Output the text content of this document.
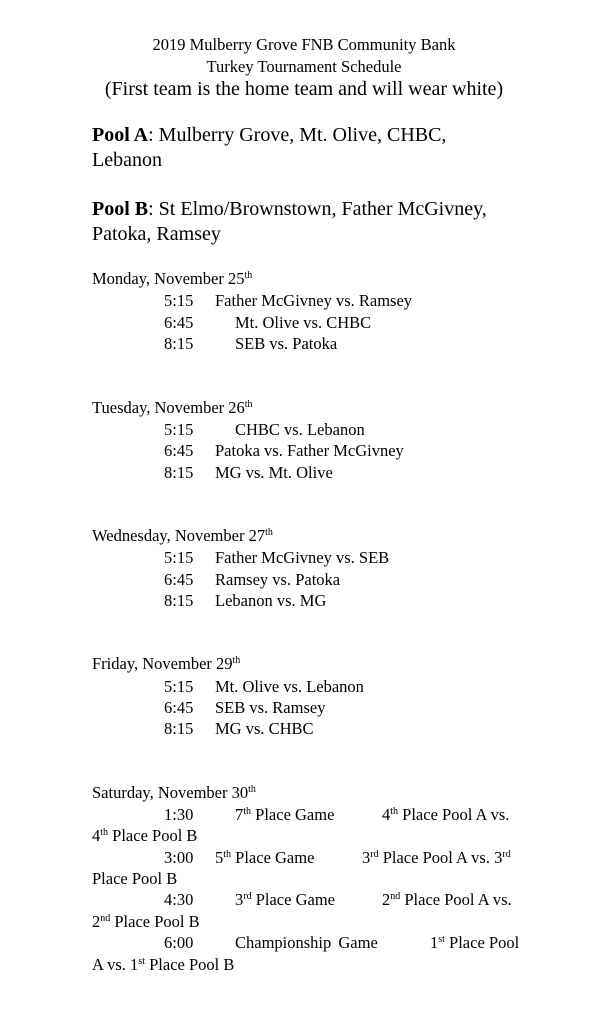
2019 Mulberry Grove FNB Community Bank
Turkey Tournament Schedule
(First team is the home team and will wear white)
Pool A: Mulberry Grove, Mt. Olive, CHBC,
Lebanon
Pool B: St Elmo/Brownstown, Father McGivney,
Patoka, Ramsey
Monday, November 25th
5:15 Father McGivney vs. Ramsey
6:45	Mt. Olive vs. CHBC
8:15	SEB vs. Patoka
Tuesday, November 26th
5:15	CHBC vs. Lebanon
6:45 Patoka vs. Father McGivney
8:15 MG vs. Mt. Olive
Wednesday, November 27th
5:15 Father McGivney vs. SEB
6:45 Ramsey vs. Patoka
8:15 Lebanon vs. MG
Friday, November 29th
5:15 Mt. Olive vs. Lebanon
6:45 SEB vs. Ramsey
8:15 MG vs. CHBC
Saturday, November 30th
1:30	7th Place Game	4th Place Pool A vs.
4th Place Pool B
3:00 5th Place Game	3rd Place Pool A vs. 3rd
Place Pool B
4:30	3rd Place Game	2nd Place Pool A vs.
2nd Place Pool B
6:00	Championship Game	1st Place Pool
A vs. 1st Place Pool B
